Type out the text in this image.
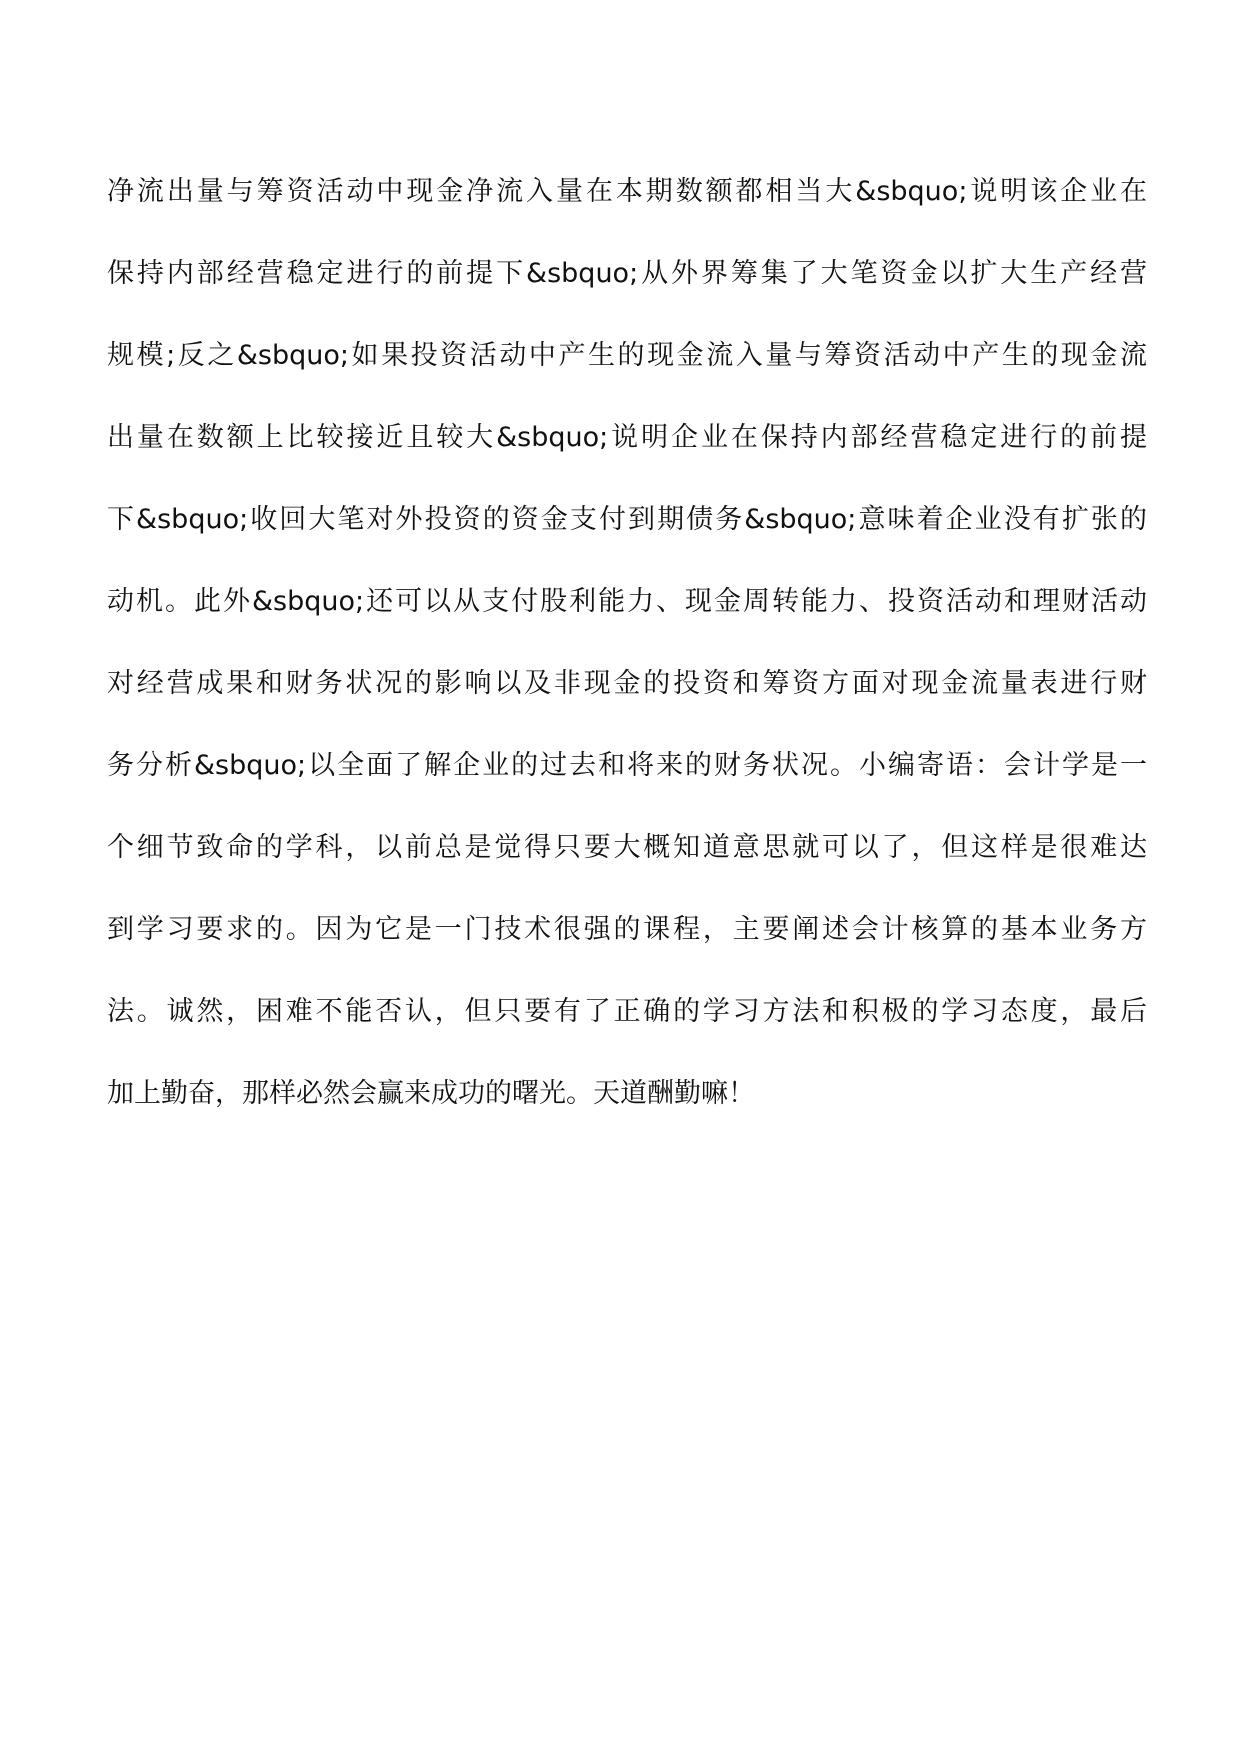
净流出量与筹资活动中现金净流入量在本期数额都相当大&sbquo;说明该企业在
保持内部经营稳定进行的前提下&sbquo;从外界筹集了大笔资金以扩大生产经营
规模;反之&sbquo;如果投资活动中产生的现金流入量与筹资活动中产生的现金流
出量在数额上比较接近且较大&sbquo;说明企业在保持内部经营稳定进行的前提
下&sbquo;收回大笔对外投资的资金支付到期债务&sbquo;意味着企业没有扩张的
动机。此外&sbquo;还可以从支付股利能力、现金周转能力、投资活动和理财活动
对经营成果和财务状况的影响以及非现金的投资和筹资方面对现金流量表进行财
务分析&sbquo;以全面了解企业的过去和将来的财务状况。小编寄语：会计学是一
个细节致命的学科，以前总是觉得只要大概知道意思就可以了，但这样是很难达
到学习要求的。因为它是一门技术很强的课程，主要阐述会计核算的基本业务方
法。诚然，困难不能否认，但只要有了正确的学习方法和积极的学习态度，最后
加上勤奋，那样必然会赢来成功的曙光。天道酬勤嘛！
